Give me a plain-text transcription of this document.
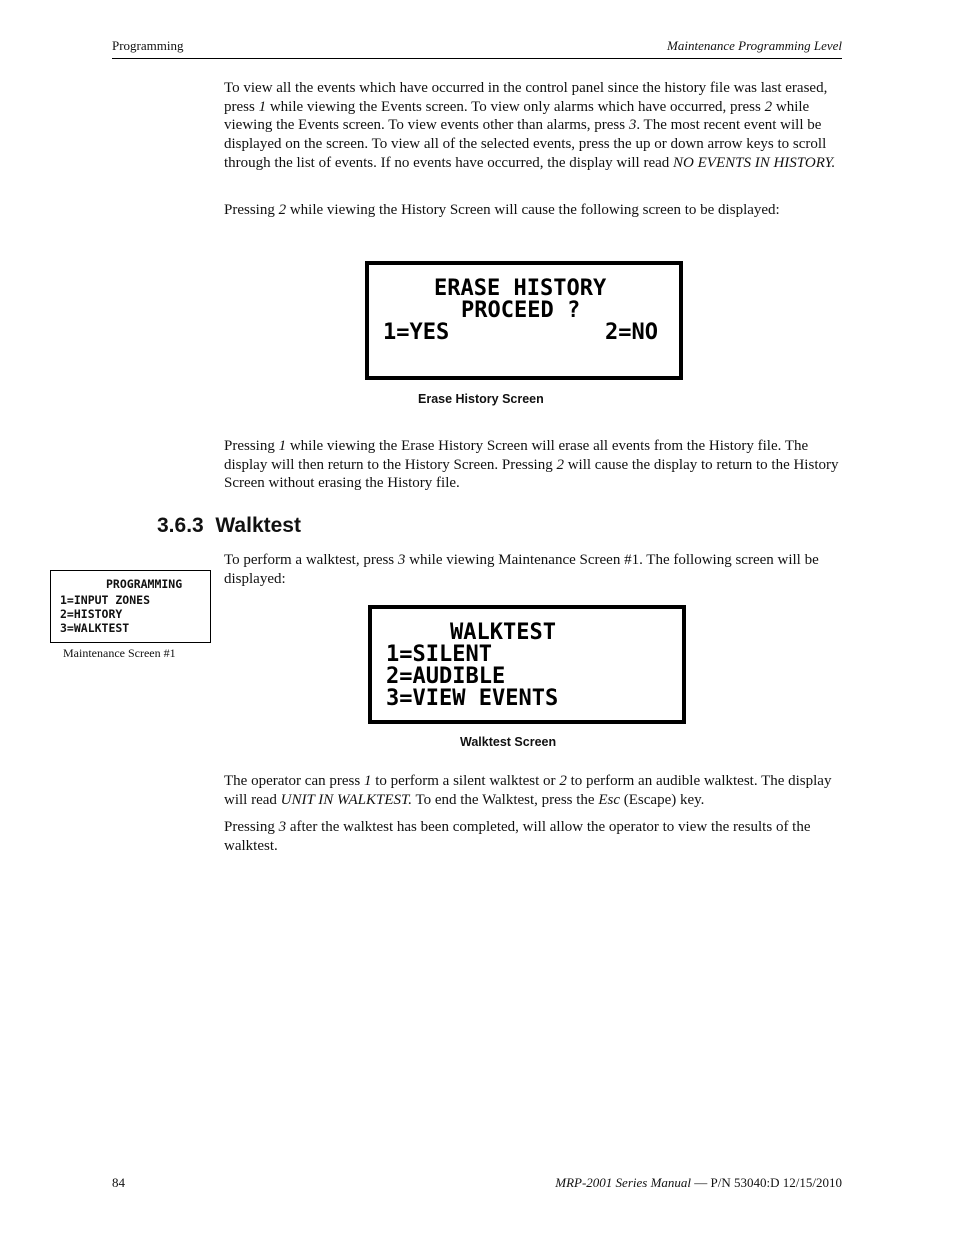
Programming	Maintenance Programming Level

To view all the events which have occurred in the control panel since the history file was last erased, press 1 while viewing the Events screen. To view only alarms which have occurred, press 2 while viewing the Events screen. To view events other than alarms, press 3. The most recent event will be displayed on the screen. To view all of the selected events, press the up or down arrow keys to scroll through the list of events. If no events have occurred, the display will read NO EVENTS IN HISTORY.

Pressing 2 while viewing the History Screen will cause the following screen to be displayed:

ERASE HISTORY
PROCEED ?
1=YES	2=NO
Erase History Screen

Pressing 1 while viewing the Erase History Screen will erase all events from the History file. The display will then return to the History Screen. Pressing 2 will cause the display to return to the History Screen without erasing the History file.

3.6.3 Walktest

To perform a walktest, press 3 while viewing Maintenance Screen #1. The following screen will be displayed:

PROGRAMMING
1=INPUT ZONES
2=HISTORY
3=WALKTEST
Maintenance Screen #1
WALKTEST
1=SILENT
2=AUDIBLE
3=VIEW EVENTS
Walktest Screen

The operator can press 1 to perform a silent walktest or 2 to perform an audible walktest. The display will read UNIT IN WALKTEST. To end the Walktest, press the Esc (Escape) key.

Pressing 3 after the walktest has been completed, will allow the operator to view the results of the walktest.

84	MRP-2001 Series Manual — P/N 53040:D 12/15/2010
